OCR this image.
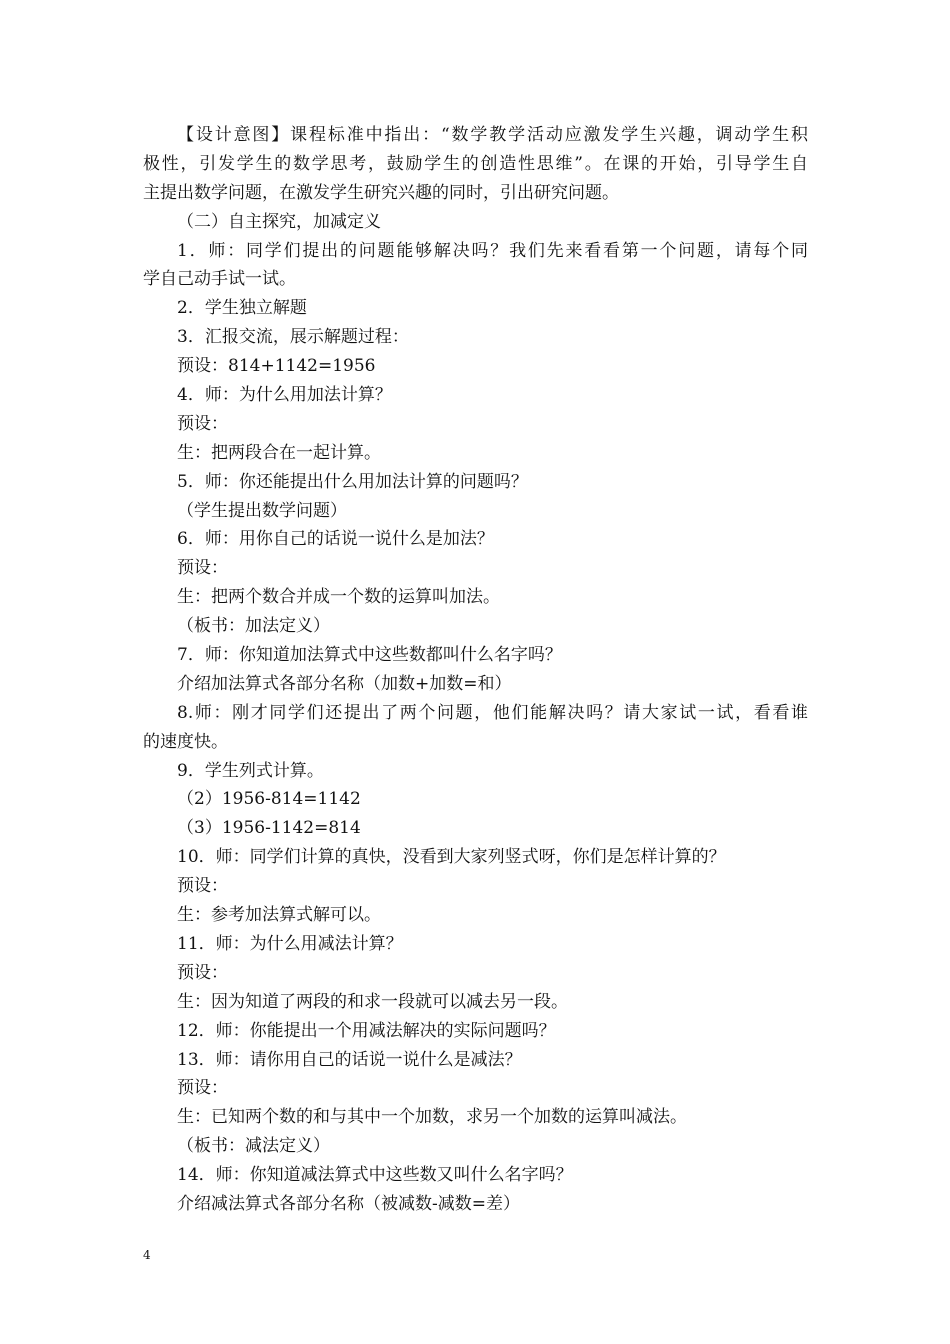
【设计意图】课程标准中指出：“数学教学活动应激发学生兴趣，调动学生积
极性，引发学生的数学思考，鼓励学生的创造性思维”。在课的开始，引导学生自
主提出数学问题，在激发学生研究兴趣的同时，引出研究问题。
（二）自主探究，加减定义
1．师：同学们提出的问题能够解决吗？我们先来看看第一个问题，请每个同
学自己动手试一试。
2．学生独立解题
3．汇报交流，展示解题过程：
预设：814+1142=1956
4．师：为什么用加法计算？
预设：
生：把两段合在一起计算。
5．师：你还能提出什么用加法计算的问题吗？
（学生提出数学问题）
6．师：用你自己的话说一说什么是加法？
预设：
生：把两个数合并成一个数的运算叫加法。
（板书：加法定义）
7．师：你知道加法算式中这些数都叫什么名字吗？
介绍加法算式各部分名称（加数+加数=和）
8.师：刚才同学们还提出了两个问题，他们能解决吗？请大家试一试，看看谁
的速度快。
9．学生列式计算。
（2）1956-814=1142
（3）1956-1142=814
10．师：同学们计算的真快，没看到大家列竖式呀，你们是怎样计算的？
预设：
生：参考加法算式解可以。
11．师：为什么用减法计算？
预设：
生：因为知道了两段的和求一段就可以减去另一段。
12．师：你能提出一个用减法解决的实际问题吗？
13．师：请你用自己的话说一说什么是减法？
预设：
生：已知两个数的和与其中一个加数，求另一个加数的运算叫减法。
（板书：减法定义）
14．师：你知道减法算式中这些数又叫什么名字吗？
介绍减法算式各部分名称（被减数-减数=差）
4
